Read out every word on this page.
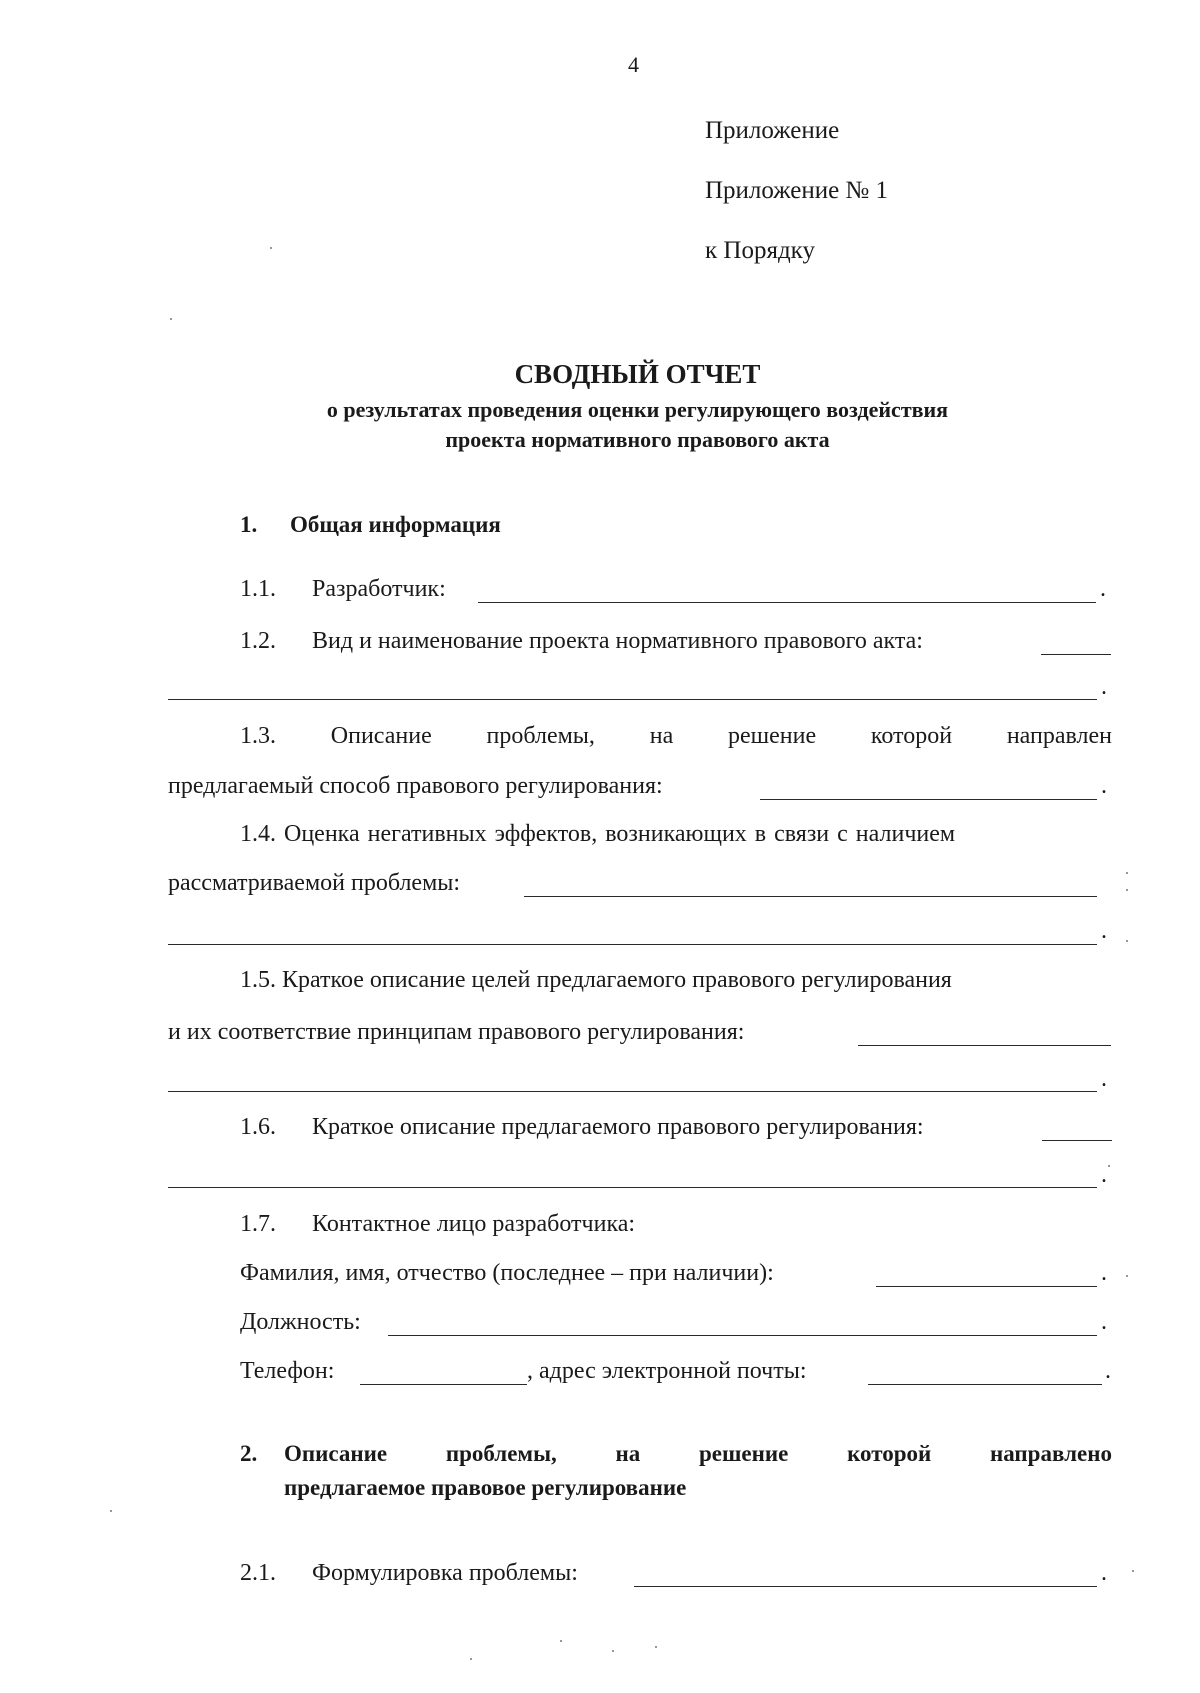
4
Приложение
Приложение № 1
к Порядку
СВОДНЫЙ ОТЧЕТ
о результатах проведения оценки регулирующего воздействия
проекта нормативного правового акта
1. Общая информация
1.1. Разработчик:	.
1.2. Вид и наименование проекта нормативного правового акта:
.
1.3. Описание проблемы, на решение которой направлен
предлагаемый способ правового регулирования:	.
1.4. Оценка негативных эффектов, возникающих в связи с наличием
рассматриваемой проблемы:
.
1.5. Краткое описание целей предлагаемого правового регулирования
и их соответствие принципам правового регулирования:
.
1.6. Краткое описание предлагаемого правового регулирования:
.
1.7. Контактное лицо разработчика:
Фамилия, имя, отчество (последнее – при наличии):	.
Должность:	.
Телефон:	, адрес электронной почты:	.
2. Описание	проблемы,	на	решение	которой	направлено
предлагаемое правовое регулирование
2.1. Формулировка проблемы:	.
